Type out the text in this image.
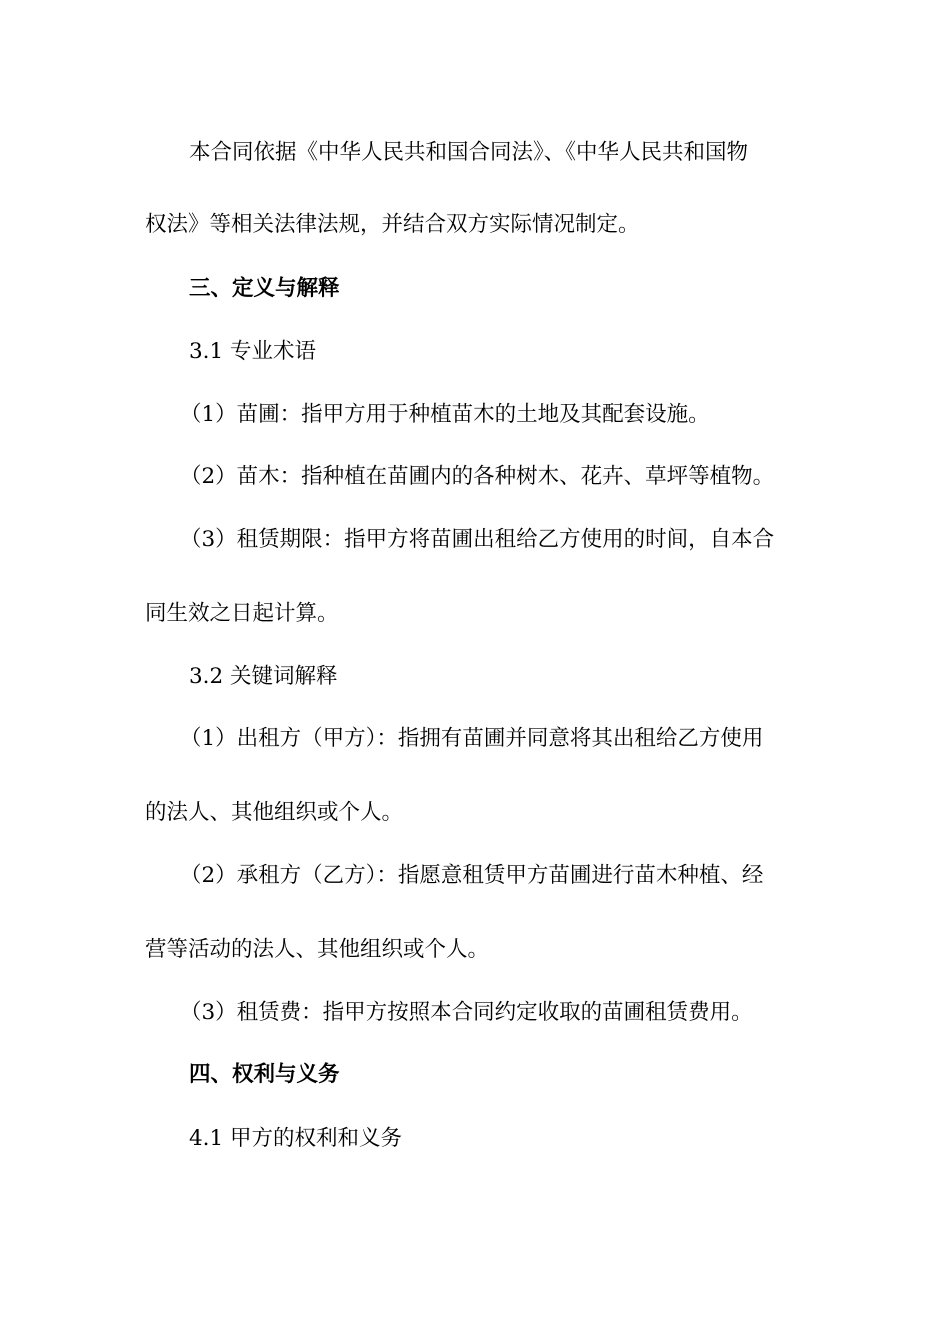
本合同依据《中华人民共和国合同法》、《中华人民共和国物
权法》等相关法律法规，并结合双方实际情况制定。
三、定义与解释
3.1 专业术语
（1）苗圃：指甲方用于种植苗木的土地及其配套设施。
（2）苗木：指种植在苗圃内的各种树木、花卉、草坪等植物。
（3）租赁期限：指甲方将苗圃出租给乙方使用的时间，自本合
同生效之日起计算。
3.2 关键词解释
（1）出租方（甲方）：指拥有苗圃并同意将其出租给乙方使用
的法人、其他组织或个人。
（2）承租方（乙方）：指愿意租赁甲方苗圃进行苗木种植、经
营等活动的法人、其他组织或个人。
（3）租赁费：指甲方按照本合同约定收取的苗圃租赁费用。
四、权利与义务
4.1 甲方的权利和义务
